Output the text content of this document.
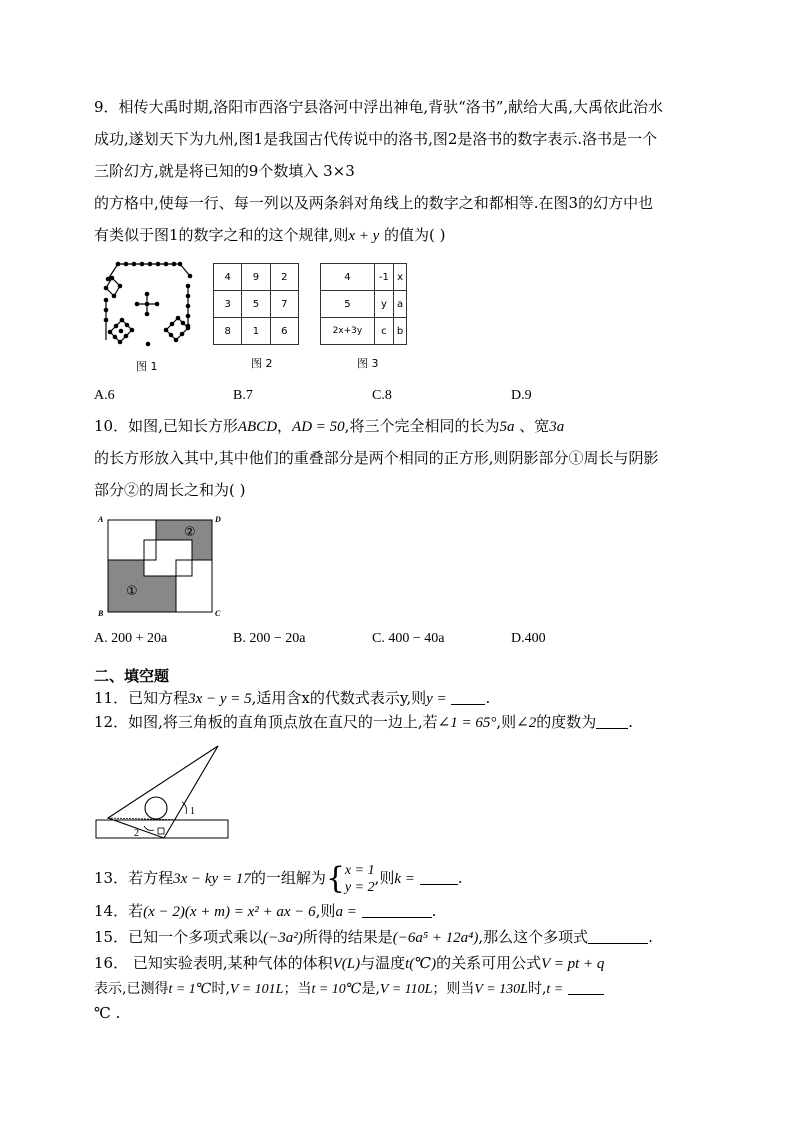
9．相传大禹时期,洛阳市西洛宁县洛河中浮出神龟,背驮“洛书”,献给大禹,大禹依此治水
成功,遂划天下为九州,图1是我国古代传说中的洛书,图2是洛书的数字表示.洛书是一个
三阶幻方,就是将已知的9个数填入 3×3
的方格中,使每一行、每一列以及两条斜对角线上的数字之和都相等.在图3的幻方中也
有类似于图1的数字之和的这个规律,则x + y 的值为( )
图 1
4	9	2
3	5	7
8	1	6
图 2
4	-1	x
5	y	a
2x+3y	c	b
图 3
A.6	B.7	C.8	D.9
10．如图,已知长方形ABCD，AD = 50,将三个完全相同的长为5a 、宽3a
的长方形放入其中,其中他们的重叠部分是两个相同的正方形,则阴影部分①周长与阴影
部分②的周长之和为( )
A	D
B	C
①
②
A. 200 + 20a	B. 200 − 20a	C. 400 − 40a	D.400
二、填空题
11．已知方程3x − y = 5,适用含x的代数式表示y,则y =	.
12．如图,将三角板的直角顶点放在直尺的一边上,若∠1 = 65°,则∠2的度数为 .
1
2
13．若方程3x − ky = 17的一组解为{x = 1
y = 2,则k =	.
14．若(x − 2)(x + m) = x² + ax − 6,则a =	.
15．已知一个多项式乘以(−3a²)所得的结果是(−6a⁵ + 12a⁴),那么这个多项式	.
16． 已知实验表明,某种气体的体积V(L)与温度t(℃)的关系可用公式V = pt + q
表示,已测得t = 1℃时,V = 101L；当t = 10℃是,V = 110L；则当V = 130L时,t =
℃ .
